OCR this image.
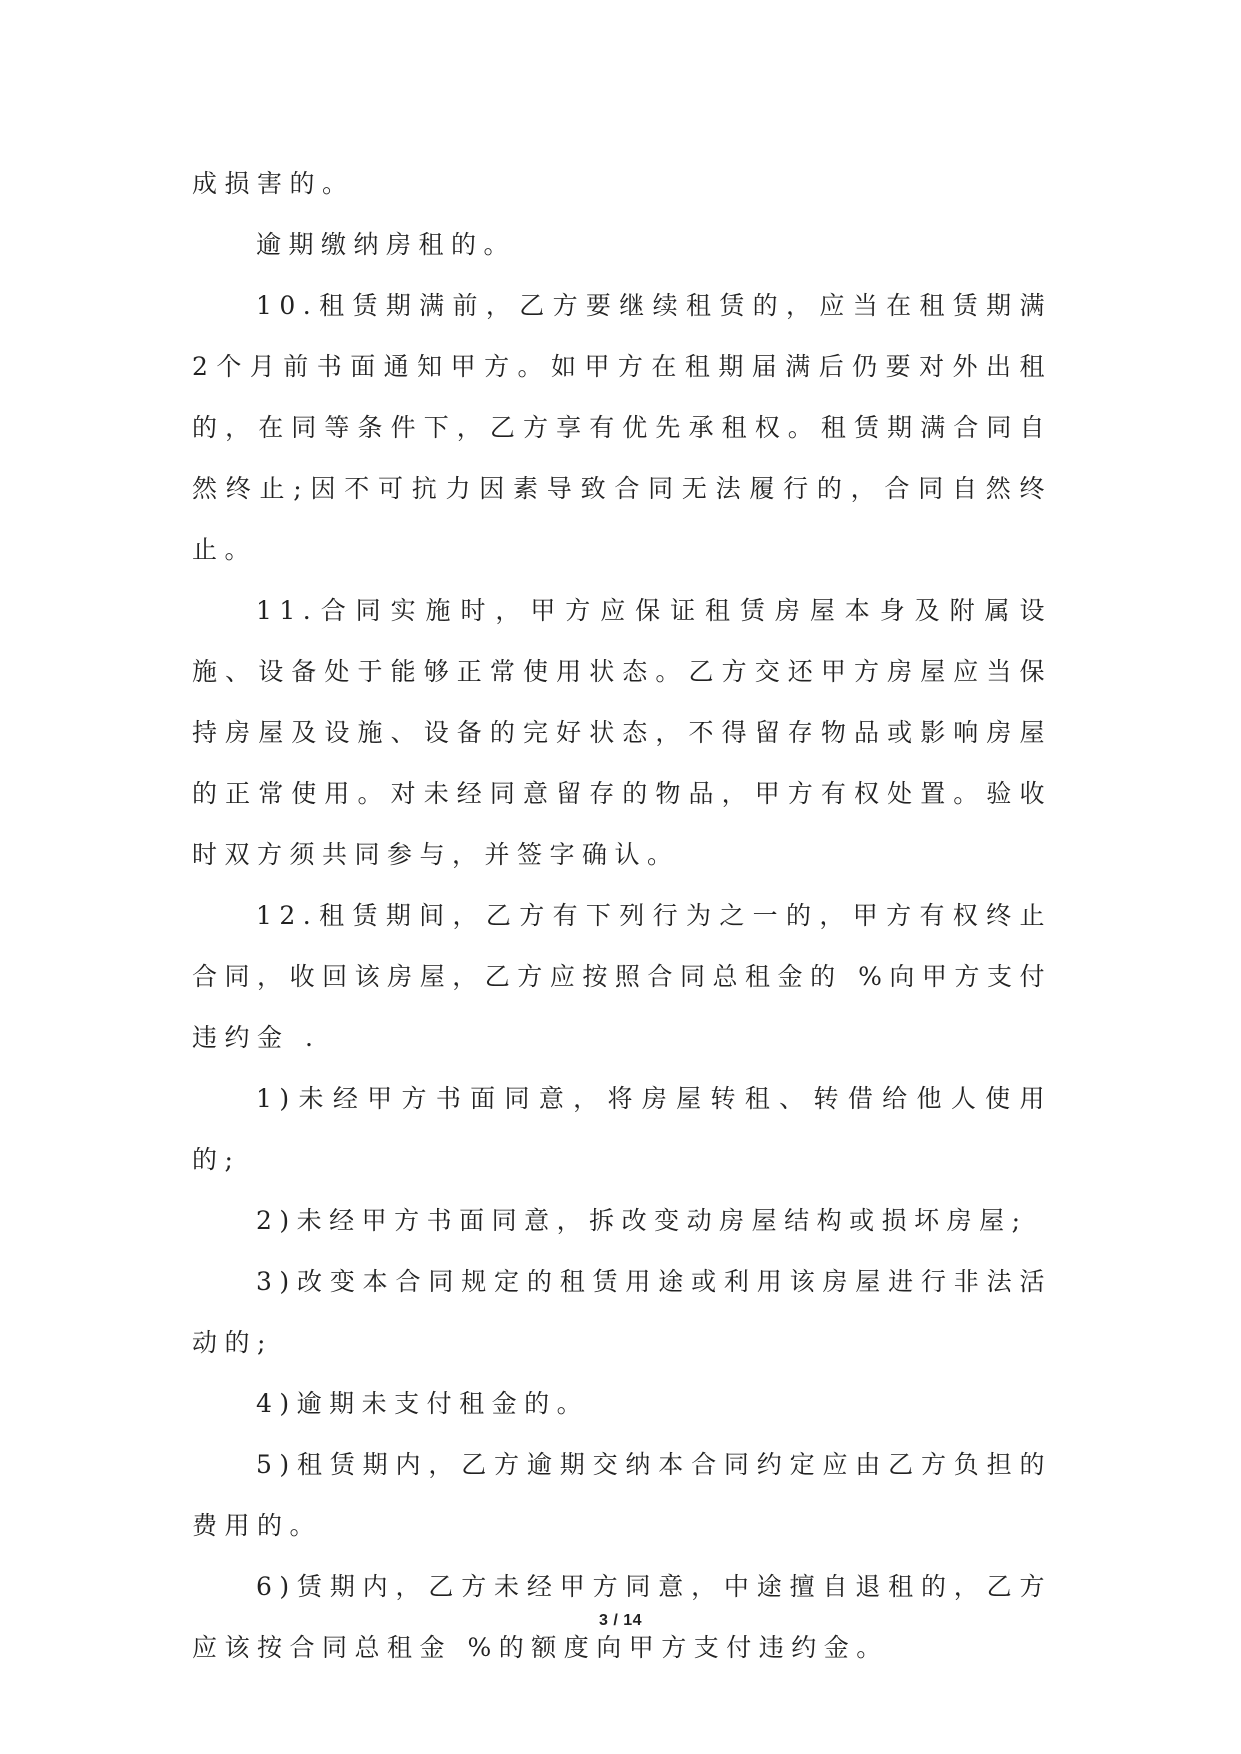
成损害的。

逾期缴纳房租的。

10.租赁期满前，乙方要继续租赁的，应当在租赁期满2个月前书面通知甲方。如甲方在租期届满后仍要对外出租的，在同等条件下，乙方享有优先承租权。租赁期满合同自然终止;因不可抗力因素导致合同无法履行的，合同自然终止。

11.合同实施时，甲方应保证租赁房屋本身及附属设施、设备处于能够正常使用状态。乙方交还甲方房屋应当保持房屋及设施、设备的完好状态，不得留存物品或影响房屋的正常使用。对未经同意留存的物品，甲方有权处置。验收时双方须共同参与，并签字确认。

12.租赁期间，乙方有下列行为之一的，甲方有权终止合同，收回该房屋，乙方应按照合同总租金的 %向甲方支付违约金 .

1)未经甲方书面同意，将房屋转租、转借给他人使用的;

2)未经甲方书面同意，拆改变动房屋结构或损坏房屋;

3)改变本合同规定的租赁用途或利用该房屋进行非法活动的;

4)逾期未支付租金的。

5)租赁期内，乙方逾期交纳本合同约定应由乙方负担的费用的。

6)赁期内，乙方未经甲方同意，中途擅自退租的，乙方应该按合同总租金 %的额度向甲方支付违约金。

3 / 14
